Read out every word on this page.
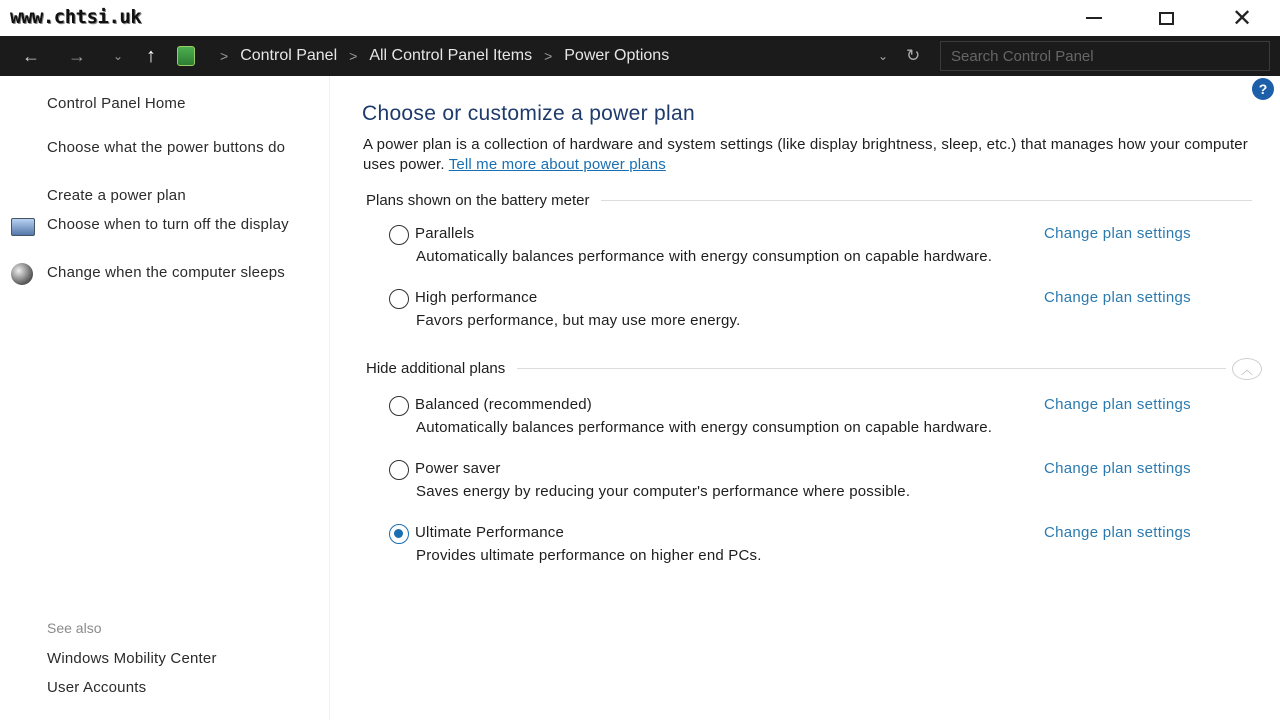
www.chtsi.uk	✕
← → ⌄ ↑	> Control Panel > All Control Panel Items > Power Options	⌄ ↻	Search Control Panel
Control Panel Home
Choose what the power buttons do
Create a power plan
Choose when to turn off the display
Change when the computer sleeps
See also
Windows Mobility Center
User Accounts
?
Choose or customize a power plan
A power plan is a collection of hardware and system settings (like display brightness, sleep, etc.) that manages how your computer uses power. Tell me more about power plans
Plans shown on the battery meter
Parallels
Automatically balances performance with energy consumption on capable hardware.
Change plan settings
High performance
Favors performance, but may use more energy.
Change plan settings
Hide additional plans	︿
Balanced (recommended)
Automatically balances performance with energy consumption on capable hardware.
Change plan settings
Power saver
Saves energy by reducing your computer's performance where possible.
Change plan settings
Ultimate Performance
Provides ultimate performance on higher end PCs.
Change plan settings
